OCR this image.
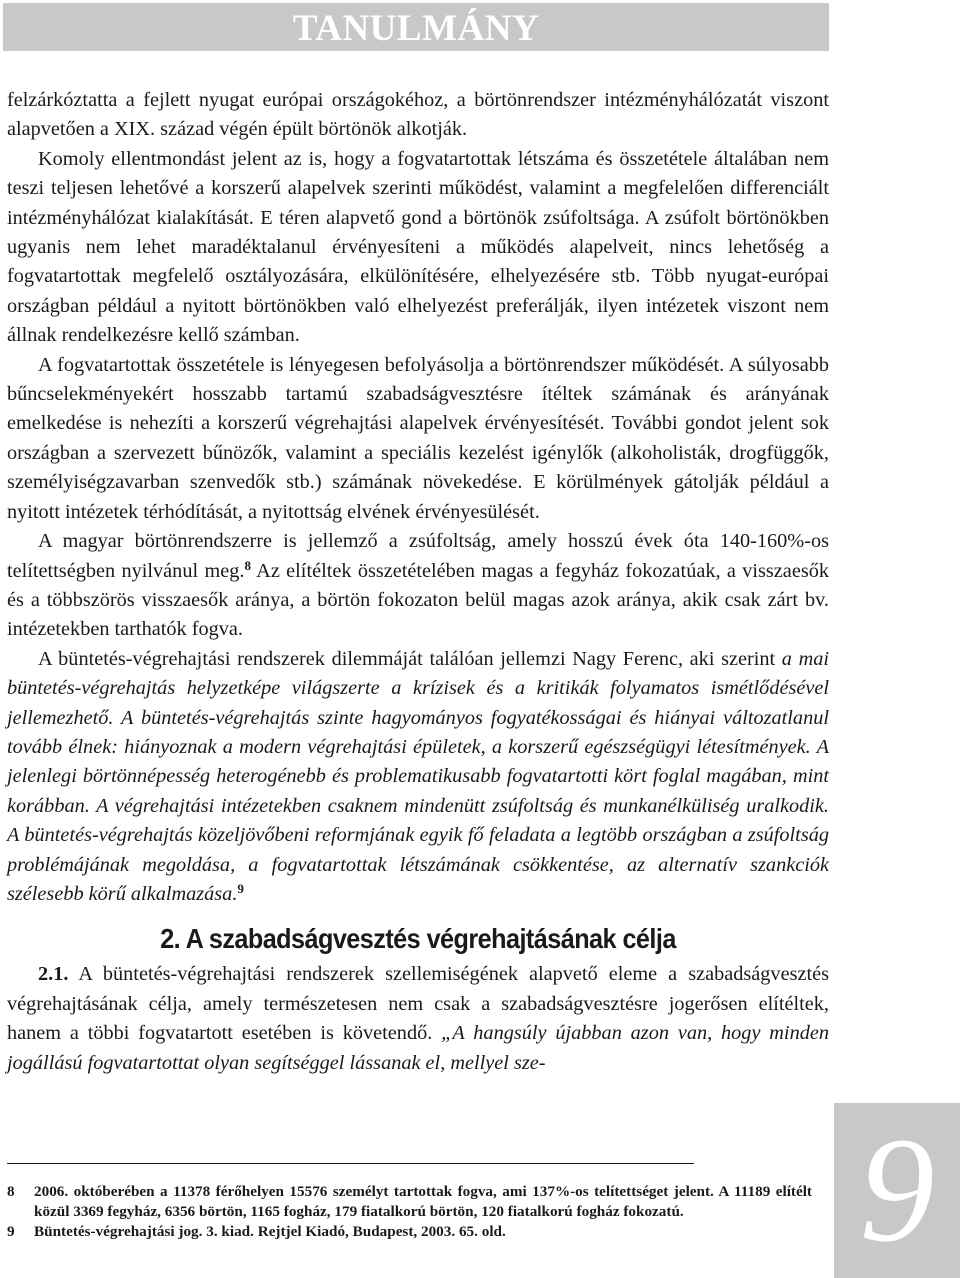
TANULMÁNY

felzárkóztatta a fejlett nyugat európai országokéhoz, a börtönrendszer intézményhálózatát viszont alapvetően a XIX. század végén épült börtönök alkotják.

Komoly ellentmondást jelent az is, hogy a fogvatartottak létszáma és összetétele általában nem teszi teljesen lehetővé a korszerű alapelvek szerinti működést, valamint a megfelelően differenciált intézményhálózat kialakítását. E téren alapvető gond a börtönök zsúfoltsága. A zsúfolt börtönökben ugyanis nem lehet maradéktalanul érvényesíteni a működés alapelveit, nincs lehetőség a fogvatartottak megfelelő osztályozására, elkülönítésére, elhelyezésére stb. Több nyugat-európai országban például a nyitott börtönökben való elhelyezést preferálják, ilyen intézetek viszont nem állnak rendelkezésre kellő számban.

A fogvatartottak összetétele is lényegesen befolyásolja a börtönrendszer működését. A súlyosabb bűncselekményekért hosszabb tartamú szabadságvesztésre ítéltek számának és arányának emelkedése is nehezíti a korszerű végrehajtási alapelvek érvényesítését. További gondot jelent sok országban a szervezett bűnözők, valamint a speciális kezelést igénylők (alkoholisták, drogfüggők, személyiségzavarban szenvedők stb.) számának növekedése. E körülmények gátolják például a nyitott intézetek térhódítását, a nyitottság elvének érvényesülését.

A magyar börtönrendszerre is jellemző a zsúfoltság, amely hosszú évek óta 140-160%-os telítettségben nyilvánul meg.$^8$ Az elítéltek összetételében magas a fegyház fokozatúak, a visszaesők és a többszörös visszaesők aránya, a börtön fokozaton belül magas azok aránya, akik csak zárt bv. intézetekben tarthatók fogva.

A büntetés-végrehajtási rendszerek dilemmáját találóan jellemzi Nagy Ferenc, aki szerint a mai büntetés-végrehajtás helyzetképe világszerte a krízisek és a kritikák folyamatos ismétlődésével jellemezhető. A büntetés-végrehajtás szinte hagyományos fogyatékosságai és hiányai változatlanul tovább élnek: hiányoznak a modern végrehajtási épületek, a korszerű egészségügyi létesítmények. A jelenlegi börtönnépesség heterogénebb és problematikusabb fogvatartotti kört foglal magában, mint korábban. A végrehajtási intézetekben csaknem mindenütt zsúfoltság és munkanélküliség uralkodik. A büntetés-végrehajtás közeljövőbeni reformjának egyik fő feladata a legtöbb országban a zsúfoltság problémájának megoldása, a fogvatartottak létszámának csökkentése, az alternatív szankciók szélesebb körű alkalmazása.$^9$

2. A szabadságvesztés végrehajtásának célja

2.1. A büntetés-végrehajtási rendszerek szellemiségének alapvető eleme a szabadságvesztés végrehajtásának célja, amely természetesen nem csak a szabadságvesztésre jogerősen elítéltek, hanem a többi fogvatartott esetében is követendő. „A hangsúly újabban azon van, hogy minden jogállású fogvatartottat olyan segítséggel lássanak el, mellyel sze-

8 2006. októberében a 11378 férőhelyen 15576 személyt tartottak fogva, ami 137%-os telítettséget jelent. A 11189 elítélt közül 3369 fegyház, 6356 börtön, 1165 fogház, 179 fiatalkorú börtön, 120 fiatalkorú fogház fokozatú.
9 Büntetés-végrehajtási jog. 3. kiad. Rejtjel Kiadó, Budapest, 2003. 65. old.	9
